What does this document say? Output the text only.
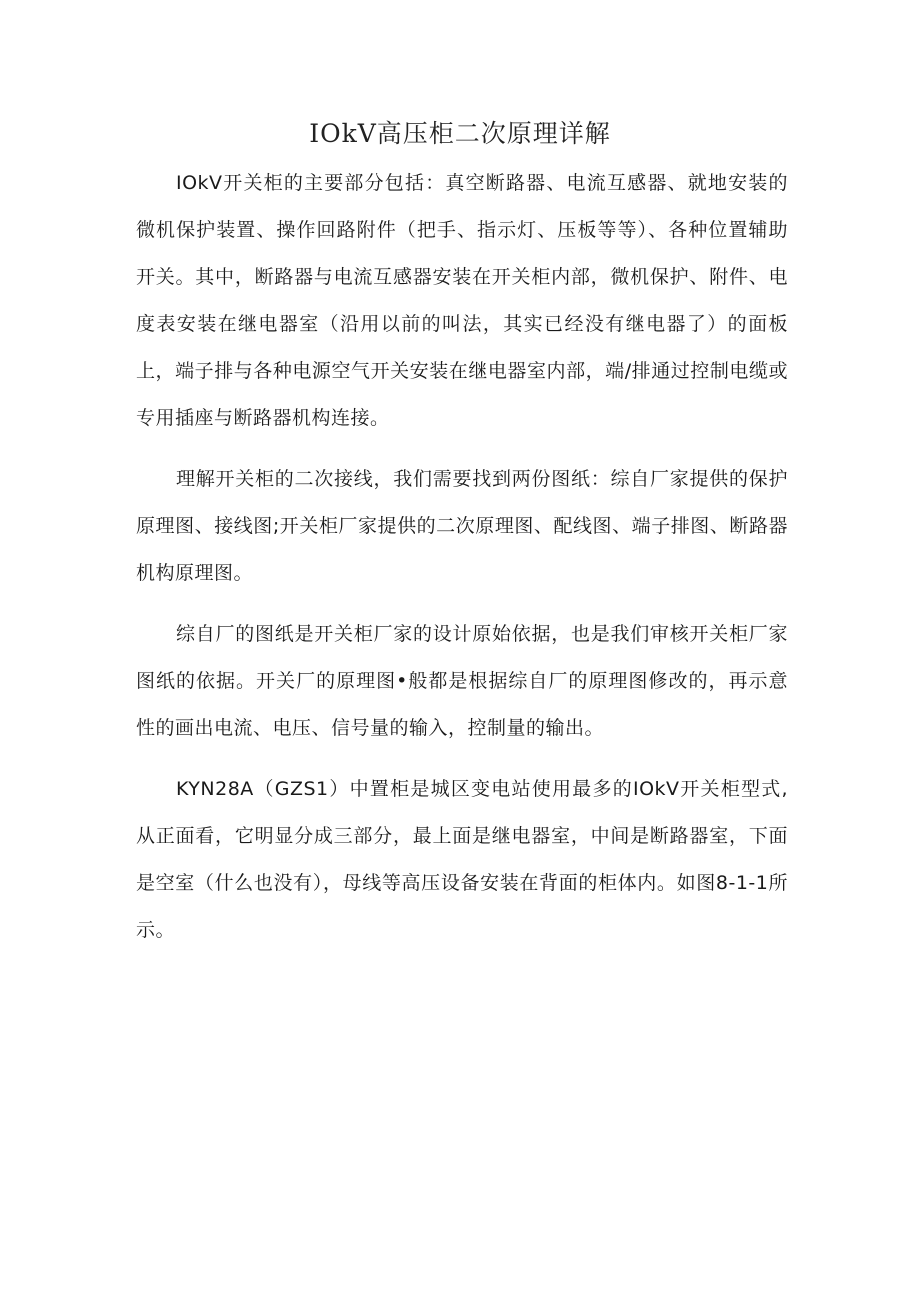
IOkV高压柜二次原理详解

IOkV开关柜的主要部分包括：真空断路器、电流互感器、就地安装的微机保护装置、操作回路附件（把手、指示灯、压板等等）、各种位置辅助开关。其中，断路器与电流互感器安装在开关柜内部，微机保护、附件、电度表安装在继电器室（沿用以前的叫法，其实已经没有继电器了）的面板上，端子排与各种电源空气开关安装在继电器室内部，端/排通过控制电缆或专用插座与断路器机构连接。

理解开关柜的二次接线，我们需要找到两份图纸：综自厂家提供的保护原理图、接线图;开关柜厂家提供的二次原理图、配线图、端子排图、断路器机构原理图。

综自厂的图纸是开关柜厂家的设计原始依据，也是我们审核开关柜厂家图纸的依据。开关厂的原理图•般都是根据综自厂的原理图修改的，再示意性的画出电流、电压、信号量的输入，控制量的输出。

KYN28A（GZS1）中置柜是城区变电站使用最多的IOkV开关柜型式,从正面看，它明显分成三部分，最上面是继电器室，中间是断路器室，下面是空室（什么也没有），母线等高压设备安装在背面的柜体内。如图8-1-1所示。
